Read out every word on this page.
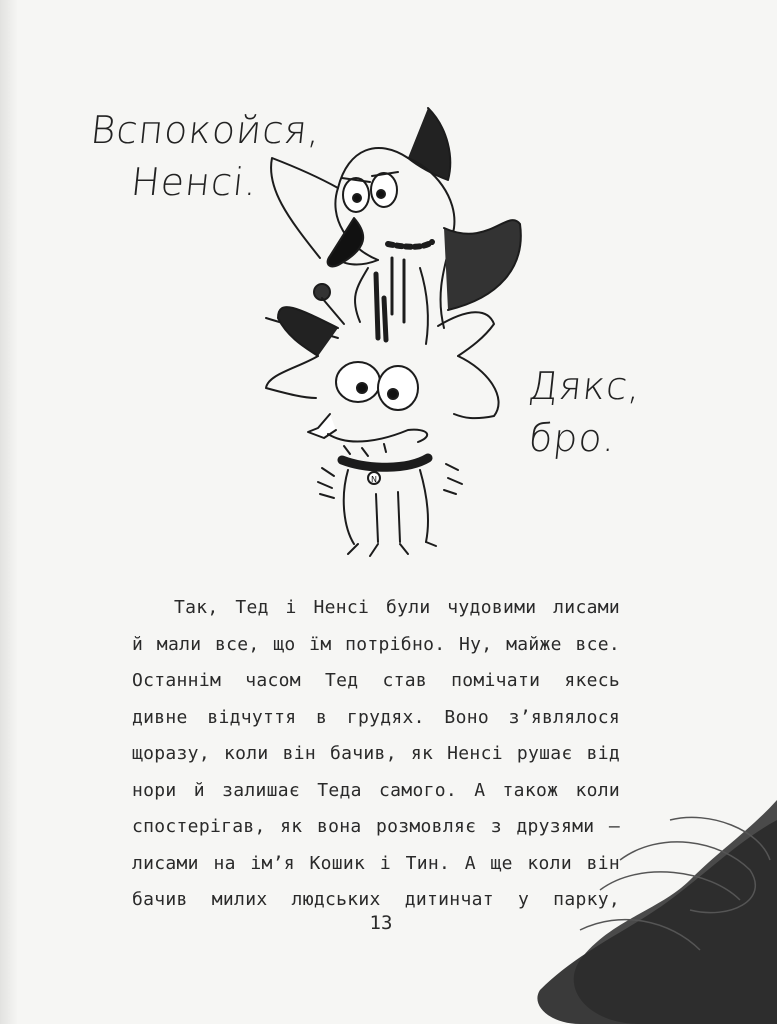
Вспокойся,
Ненсі.
N
Дякс,
бро.
Так, Тед і Ненсі були чудовими лисами
й мали все, що їм потрібно. Ну, майже все.
Останнім часом Тед став помічати якесь
дивне відчуття в грудях. Воно з’являлося
щоразу, коли він бачив, як Ненсі рушає від
нори й залишає Теда самого. А також коли
спостерігав, як вона розмовляє з друзями —
лисами на ім’я Кошик і Тин. А ще коли він
бачив милих людських дитинчат у парку,
13
